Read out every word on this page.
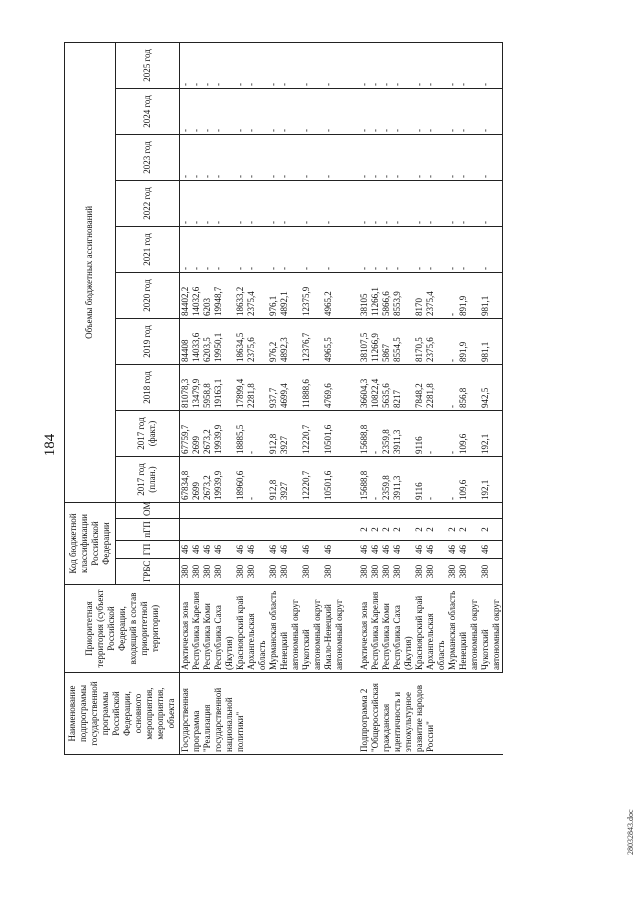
184
Наименование подпрограммы государственной программы Российской Федерации, основного мероприятия, мероприятия, объекта	Приоритетная территория (субъект Российской Федерации, входящий в состав приоритетной территории)	Код бюджетной классификации Российской Федерации				Объемы бюджетных ассигнований									
		ГРБС	ГП	пГП	ОМ	2017 год (план.)	2017 год (факт.)	2018 год	2019 год	2020 год	2021 год	2022 год	2023 год	2024 год	2025 год
Государственная программа "Реализация государственной национальной политики"	Арктическая зона	380	46			67834,8	67759,7	81078,3	84408	84402,2	-	-	-	-	-
	Республика Карелия	380	46			2699	2699	13479,9	14033,6	14032,6	-	-	-	-	-
	Республика Коми	380	46			2673,2	2673,2	5958,8	6203,5	6203	-	-	-	-	-
	Республика Саха (Якутия)	380	46			19939,9	19939,9	19163,1	19950,1	19948,7	-	-	-	-	-
	Красноярский край	380	46			18960,6	18885,5	17899,4	18634,5	18633,2	-	-	-	-	-
	Архангельская область	380	46			-	-	2281,8	2375,6	2375,4	-	-	-	-	-
	Мурманская область	380	46			912,8	912,8	937,7	976,2	976,1	-	-	-	-	-
	Ненецкий автономный округ	380	46			3927	3927	4699,4	4892,3	4892,1	-	-	-	-	-
	Чукотский автономный округ	380	46			12220,7	12220,7	11888,6	12376,7	12375,9	-	-	-	-	-
	Ямало-Ненецкий автономный округ	380	46			10501,6	10501,6	4769,6	4965,5	4965,2	-	-	-	-	-

Подпрограмма 2 "Общероссийская гражданская идентичность и этнокультурное развитие народов России"	Арктическая зона	380	46	2		15688,8	15688,8	36604,3	38107,5	38105	-	-	-	-	-
	Республика Карелия	380	46	2		-	-	10822,4	11266,9	11266,1	-	-	-	-	-
	Республика Коми	380	46	2		2359,8	2359,8	5635,6	5867	5866,6	-	-	-	-	-
	Республика Саха (Якутия)	380	46	2		3911,3	3911,3	8217	8554,5	8553,9	-	-	-	-	-
	Красноярский край	380	46	2		9116	9116	7848,2	8170,5	8170	-	-	-	-	-
	Архангельская область	380	46	2		-	-	2281,8	2375,6	2375,4	-	-	-	-	-
	Мурманская область	380	46	2		-	-	-	-	-	-	-	-	-	-
	Ненецкий автономный округ	380	46	2		109,6	109,6	856,8	891,9	891,9	-	-	-	-	-
	Чукотский автономный округ	380	46	2		192,1	192,1	942,5	981,1	981,1	-	-	-	-	-
28032843.doc
